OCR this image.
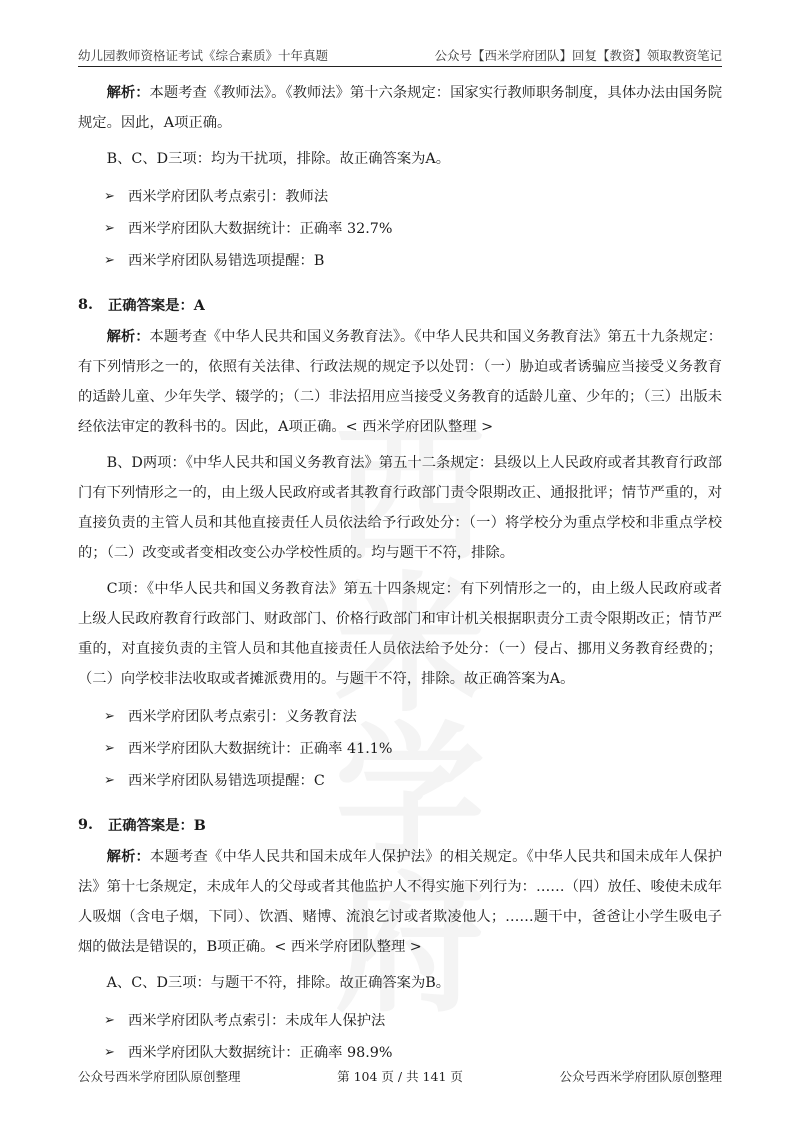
幼儿园教师资格证考试《综合素质》十年真题	公众号【西米学府团队】回复【教资】领取教资笔记

解析：本题考查《教师法》。《教师法》第十六条规定：国家实行教师职务制度，具体办法由国务院规定。因此，A项正确。

B、C、D三项：均为干扰项，排除。故正确答案为A。

➢ 西米学府团队考点索引：教师法
➢ 西米学府团队大数据统计：正确率 32.7%
➢ 西米学府团队易错选项提醒：B
8.	正确答案是：A

解析：本题考查《中华人民共和国义务教育法》。《中华人民共和国义务教育法》第五十九条规定：有下列情形之一的，依照有关法律、行政法规的规定予以处罚：（一）胁迫或者诱骗应当接受义务教育的适龄儿童、少年失学、辍学的；（二）非法招用应当接受义务教育的适龄儿童、少年的；（三）出版未经依法审定的教科书的。因此，A项正确。< 西米学府团队整理 >

B、D两项：《中华人民共和国义务教育法》第五十二条规定：县级以上人民政府或者其教育行政部门有下列情形之一的，由上级人民政府或者其教育行政部门责令限期改正、通报批评；情节严重的，对直接负责的主管人员和其他直接责任人员依法给予行政处分：（一）将学校分为重点学校和非重点学校的；（二）改变或者变相改变公办学校性质的。均与题干不符，排除。

C项：《中华人民共和国义务教育法》第五十四条规定：有下列情形之一的，由上级人民政府或者上级人民政府教育行政部门、财政部门、价格行政部门和审计机关根据职责分工责令限期改正；情节严重的，对直接负责的主管人员和其他直接责任人员依法给予处分：（一）侵占、挪用义务教育经费的；（二）向学校非法收取或者摊派费用的。与题干不符，排除。故正确答案为A。

➢ 西米学府团队考点索引：义务教育法
➢ 西米学府团队大数据统计：正确率 41.1%
➢ 西米学府团队易错选项提醒：C
9.	正确答案是：B

解析：本题考查《中华人民共和国未成年人保护法》的相关规定。《中华人民共和国未成年人保护法》第十七条规定，未成年人的父母或者其他监护人不得实施下列行为：……（四）放任、唆使未成年人吸烟（含电子烟，下同）、饮酒、赌博、流浪乞讨或者欺凌他人；……题干中，爸爸让小学生吸电子烟的做法是错误的，B项正确。< 西米学府团队整理 >

A、C、D三项：与题干不符，排除。故正确答案为B。

➢ 西米学府团队考点索引：未成年人保护法
➢ 西米学府团队大数据统计：正确率 98.9%
公众号西米学府团队原创整理	第 104 页 / 共 141 页	公众号西米学府团队原创整理
